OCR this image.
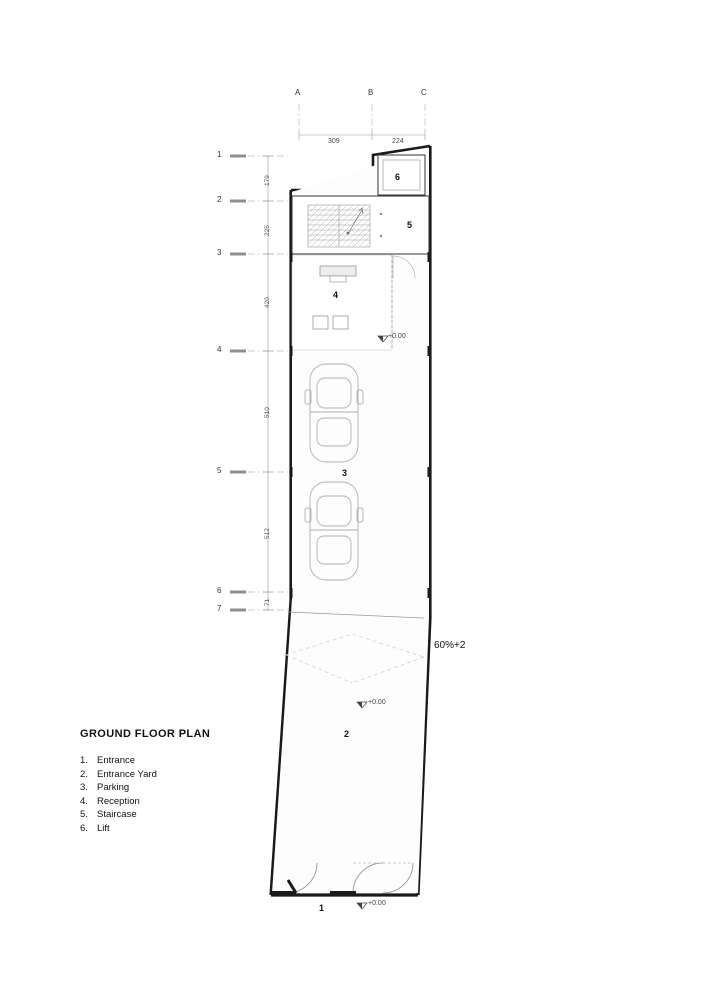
A	B	C
1
2
3
4
5
6
7
309	224
179
225
420
510
512
71
6
5
4
3
2
1
+0.00
+0.00
+0.00
60%+2
GROUND FLOOR PLAN
1. Entrance
2. Entrance Yard
3. Parking
4. Reception
5. Staircase
6. Lift
